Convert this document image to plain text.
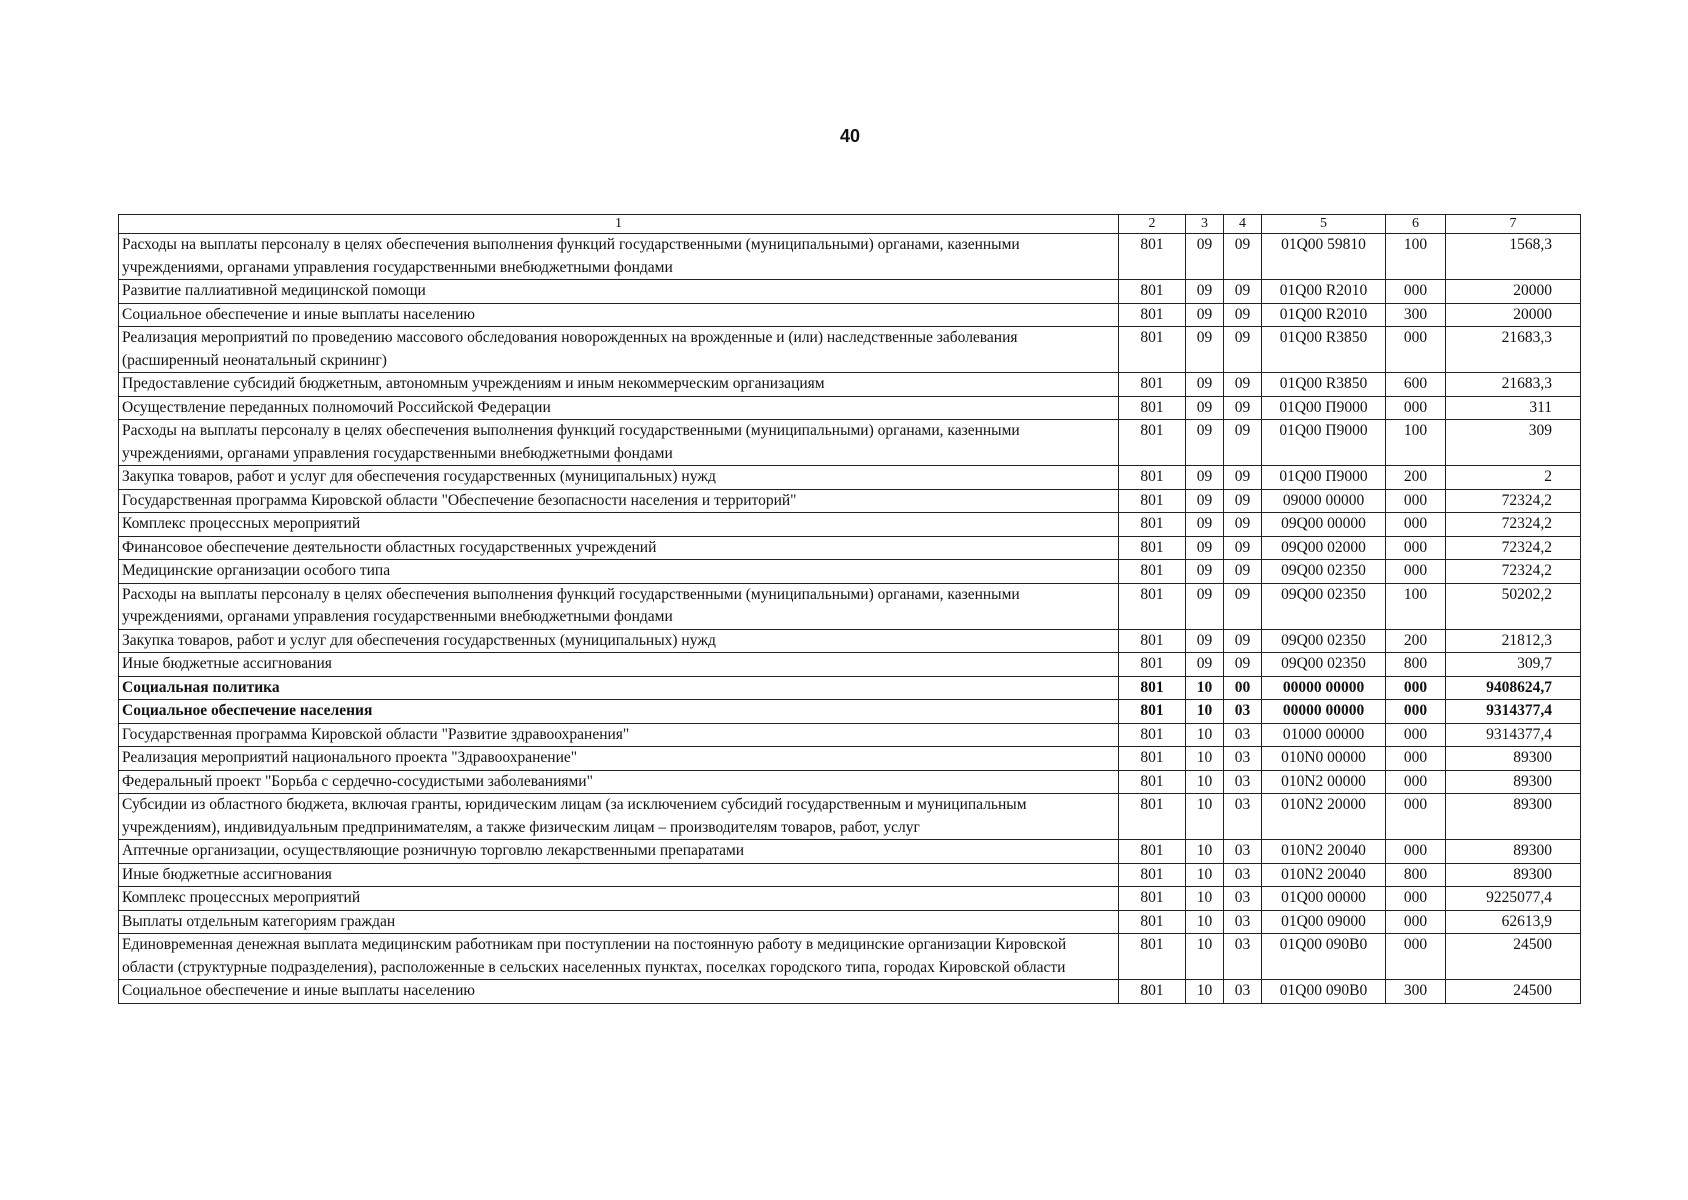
40
1	2	3	4	5	6	7
Расходы на выплаты персоналу в целях обеспечения выполнения функций государственными (муниципальными) органами, казенными учреждениями, органами управления государственными внебюджетными фондами	801	09	09	01Q00 59810	100	1568,3
Развитие паллиативной медицинской помощи	801	09	09	01Q00 R2010	000	20000
Социальное обеспечение и иные выплаты населению	801	09	09	01Q00 R2010	300	20000
Реализация мероприятий по проведению массового обследования новорожденных на врожденные и (или) наследственные заболевания (расширенный неонатальный скрининг)	801	09	09	01Q00 R3850	000	21683,3
Предоставление субсидий бюджетным, автономным учреждениям и иным некоммерческим организациям	801	09	09	01Q00 R3850	600	21683,3
Осуществление переданных полномочий Российской Федерации	801	09	09	01Q00 П9000	000	311
Расходы на выплаты персоналу в целях обеспечения выполнения функций государственными (муниципальными) органами, казенными учреждениями, органами управления государственными внебюджетными фондами	801	09	09	01Q00 П9000	100	309
Закупка товаров, работ и услуг для обеспечения государственных (муниципальных) нужд	801	09	09	01Q00 П9000	200	2
Государственная программа Кировской области "Обеспечение безопасности населения и территорий"	801	09	09	09000 00000	000	72324,2
Комплекс процессных мероприятий	801	09	09	09Q00 00000	000	72324,2
Финансовое обеспечение деятельности областных государственных учреждений	801	09	09	09Q00 02000	000	72324,2
Медицинские организации особого типа	801	09	09	09Q00 02350	000	72324,2
Расходы на выплаты персоналу в целях обеспечения выполнения функций государственными (муниципальными) органами, казенными учреждениями, органами управления государственными внебюджетными фондами	801	09	09	09Q00 02350	100	50202,2
Закупка товаров, работ и услуг для обеспечения государственных (муниципальных) нужд	801	09	09	09Q00 02350	200	21812,3
Иные бюджетные ассигнования	801	09	09	09Q00 02350	800	309,7
Социальная политика	801	10	00	00000 00000	000	9408624,7
Социальное обеспечение населения	801	10	03	00000 00000	000	9314377,4
Государственная программа Кировской области "Развитие здравоохранения"	801	10	03	01000 00000	000	9314377,4
Реализация мероприятий национального проекта "Здравоохранение"	801	10	03	010N0 00000	000	89300
Федеральный проект "Борьба с сердечно-сосудистыми заболеваниями"	801	10	03	010N2 00000	000	89300
Субсидии из областного бюджета, включая гранты, юридическим лицам (за исключением субсидий государственным и муниципальным учреждениям), индивидуальным предпринимателям, а также физическим лицам – производителям товаров, работ, услуг	801	10	03	010N2 20000	000	89300
Аптечные организации, осуществляющие розничную торговлю лекарственными препаратами	801	10	03	010N2 20040	000	89300
Иные бюджетные ассигнования	801	10	03	010N2 20040	800	89300
Комплекс процессных мероприятий	801	10	03	01Q00 00000	000	9225077,4
Выплаты отдельным категориям граждан	801	10	03	01Q00 09000	000	62613,9
Единовременная денежная выплата медицинским работникам при поступлении на постоянную работу в медицинские организации Кировской области (структурные подразделения), расположенные в сельских населенных пунктах, поселках городского типа, городах Кировской области	801	10	03	01Q00 090B0	000	24500
Социальное обеспечение и иные выплаты населению	801	10	03	01Q00 090B0	300	24500
